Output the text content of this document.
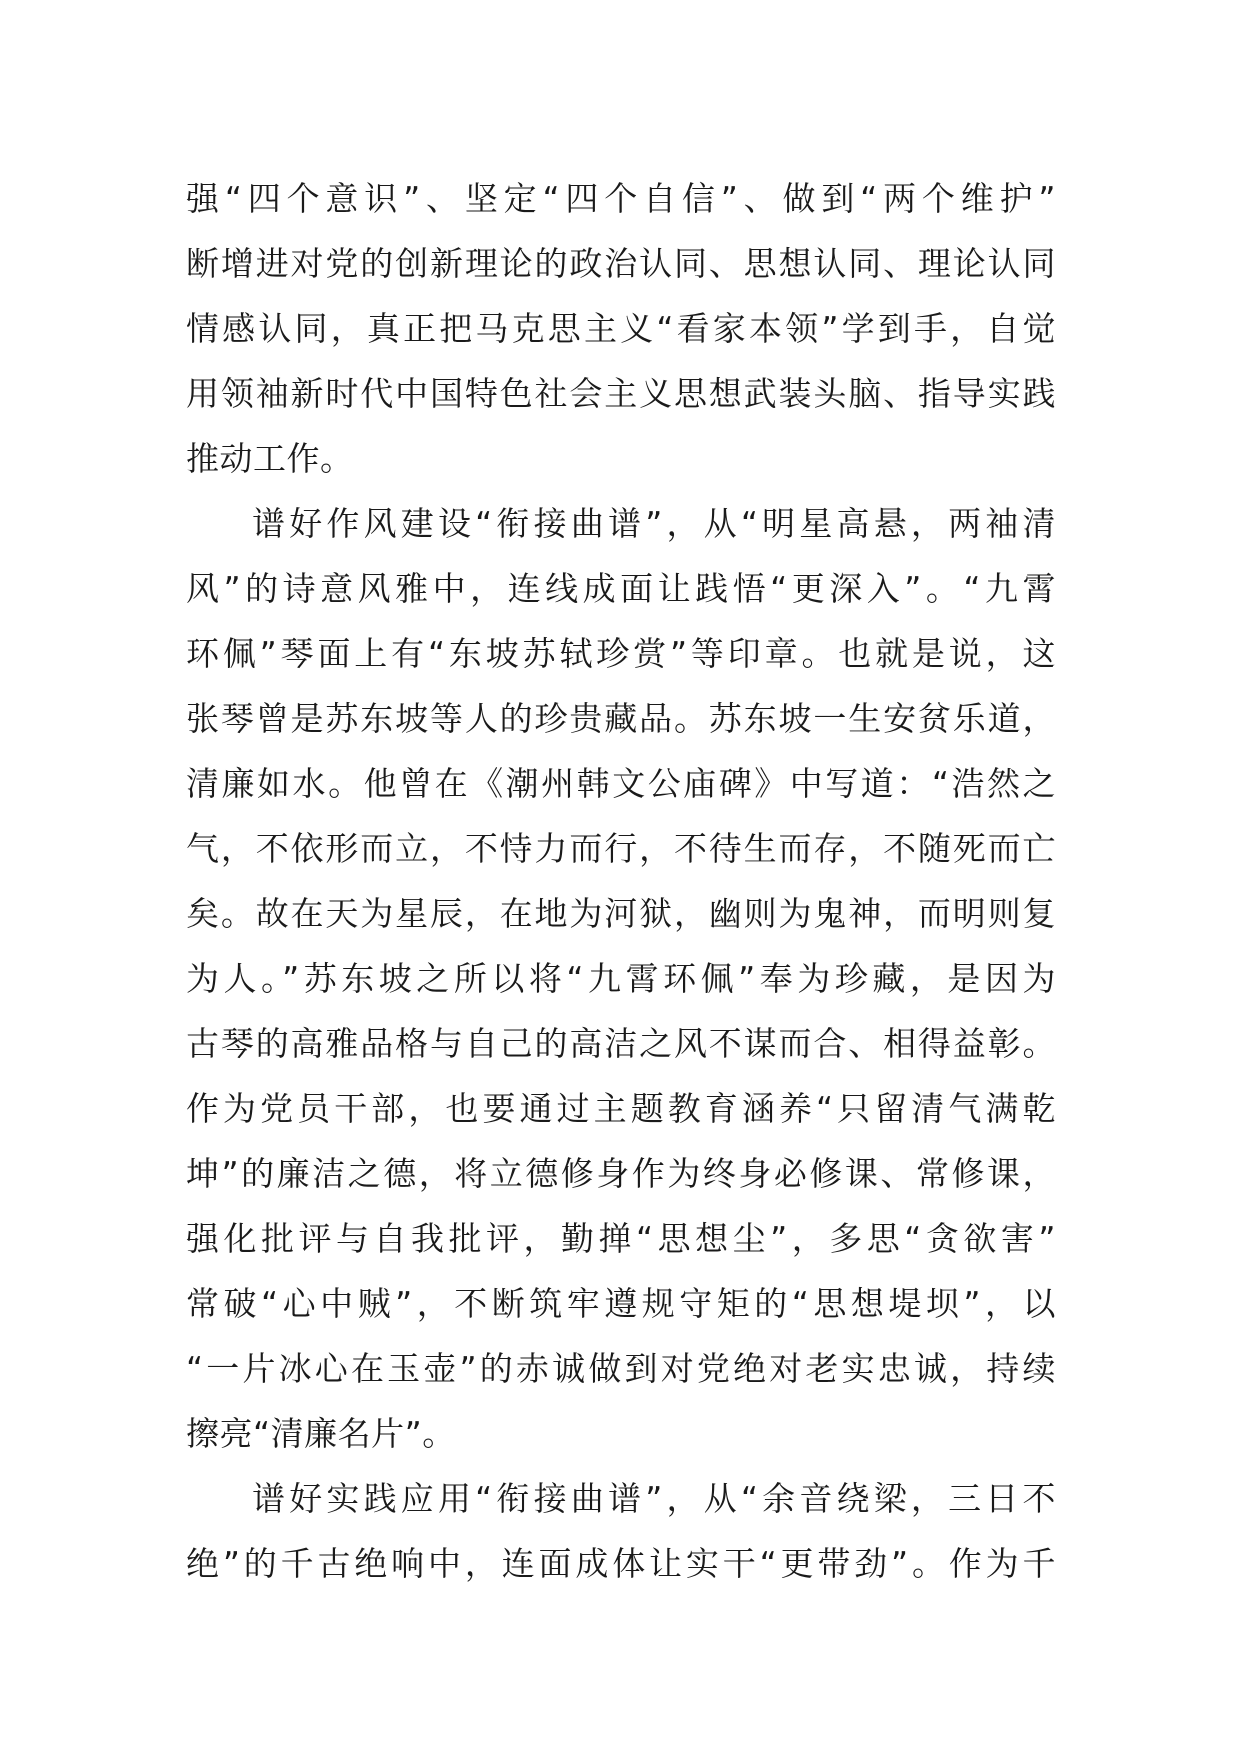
强“四个意识”、坚定“四个自信”、做到“两个维护”
断增进对党的创新理论的政治认同、思想认同、理论认同
情感认同，真正把马克思主义“看家本领”学到手，自觉
用领袖新时代中国特色社会主义思想武装头脑、指导实践
推动工作。
谱好作风建设“衔接曲谱”，从“明星高悬，两袖清
风”的诗意风雅中，连线成面让践悟“更深入”。“九霄
环佩”琴面上有“东坡苏轼珍赏”等印章。也就是说，这
张琴曾是苏东坡等人的珍贵藏品。苏东坡一生安贫乐道，
清廉如水。他曾在《潮州韩文公庙碑》中写道：“浩然之
气，不依形而立，不恃力而行，不待生而存，不随死而亡
矣。故在天为星辰，在地为河狱，幽则为鬼神，而明则复
为人。”苏东坡之所以将“九霄环佩”奉为珍藏，是因为
古琴的高雅品格与自己的高洁之风不谋而合、相得益彰。
作为党员干部，也要通过主题教育涵养“只留清气满乾
坤”的廉洁之德，将立德修身作为终身必修课、常修课，
强化批评与自我批评，勤掸“思想尘”，多思“贪欲害”
常破“心中贼”，不断筑牢遵规守矩的“思想堤坝”，以
“一片冰心在玉壶”的赤诚做到对党绝对老实忠诚，持续
擦亮“清廉名片”。
谱好实践应用“衔接曲谱”，从“余音绕梁，三日不
绝”的千古绝响中，连面成体让实干“更带劲”。作为千
